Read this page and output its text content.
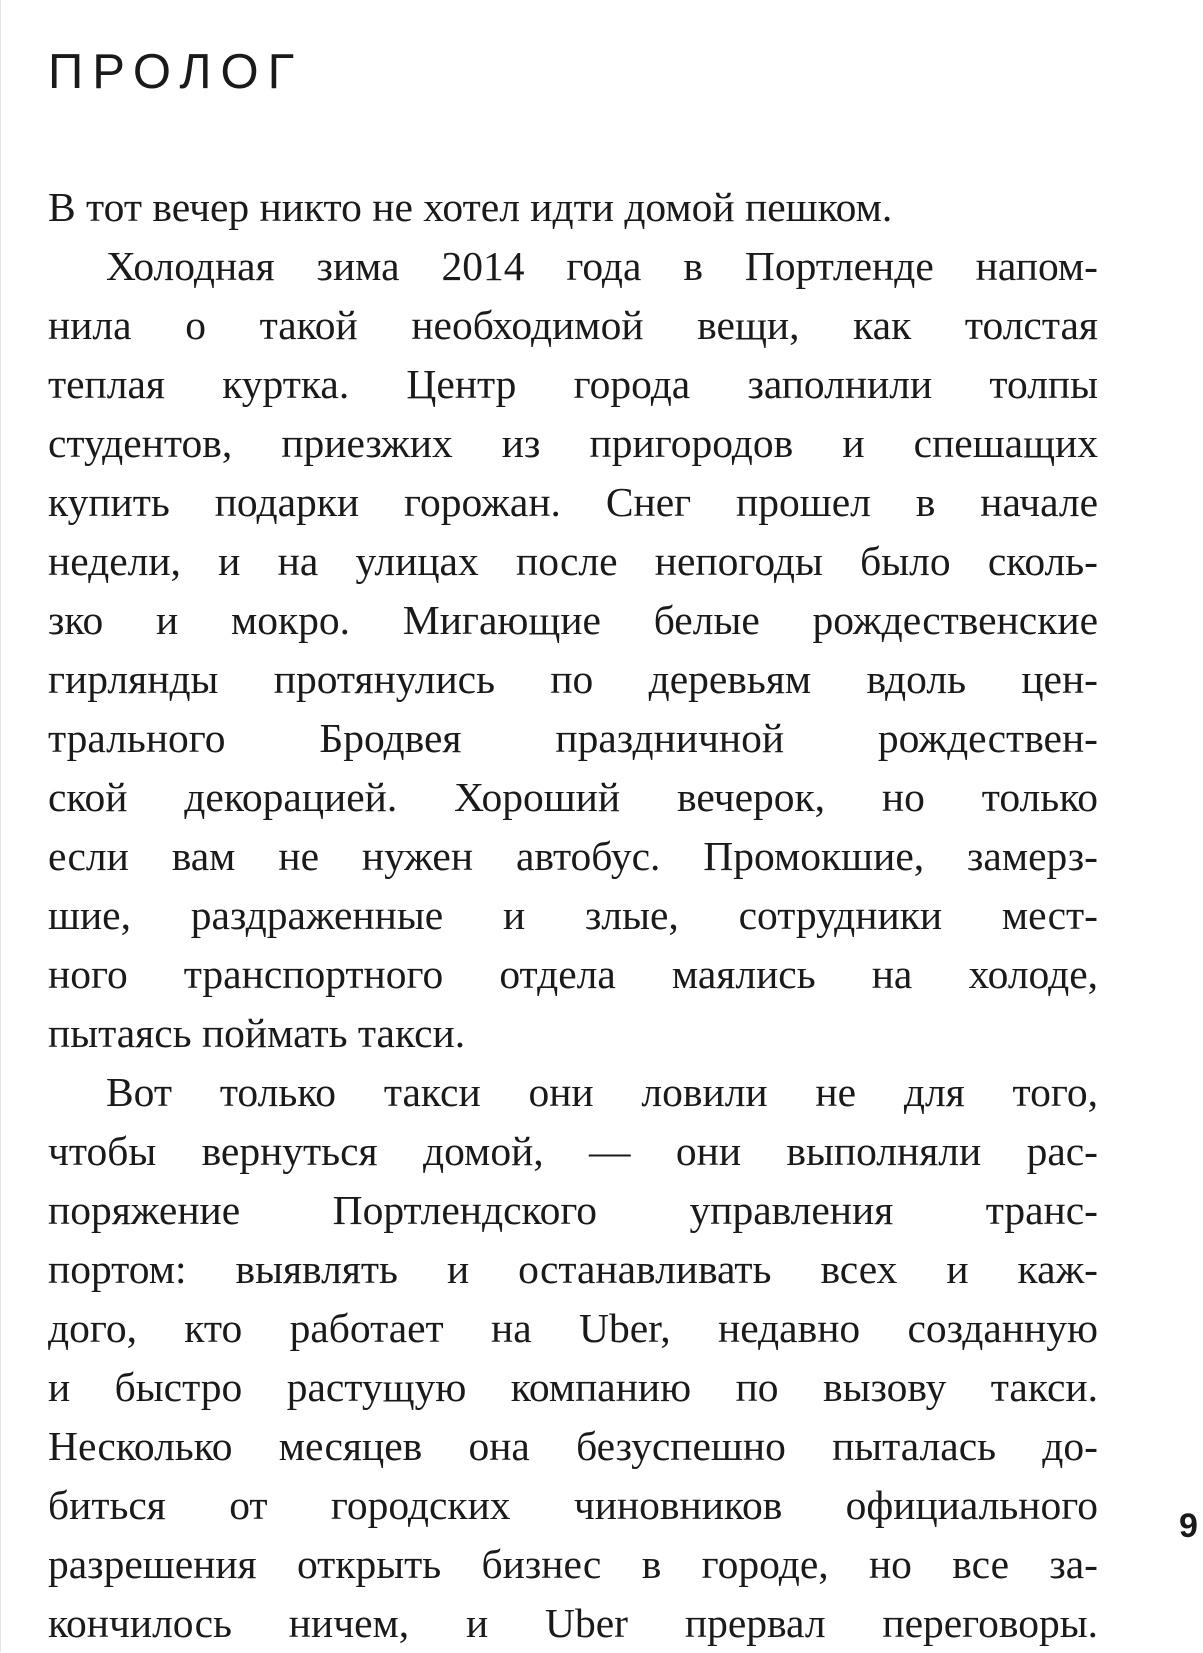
ПРОЛОГ
В тот вечер никто не хотел идти домой пешком.
Холодная зима 2014 года в Портленде напом-
нила о такой необходимой вещи, как толстая
теплая куртка. Центр города заполнили толпы
студентов, приезжих из пригородов и спешащих
купить подарки горожан. Снег прошел в начале
недели, и на улицах после непогоды было сколь-
зко и мокро. Мигающие белые рождественские
гирлянды протянулись по деревьям вдоль цен-
трального Бродвея праздничной рождествен-
ской декорацией. Хороший вечерок, но только
если вам не нужен автобус. Промокшие, замерз-
шие, раздраженные и злые, сотрудники мест-
ного транспортного отдела маялись на холоде,
пытаясь поймать такси.
Вот только такси они ловили не для того,
чтобы вернуться домой, — они выполняли рас-
поряжение Портлендского управления транс-
портом: выявлять и останавливать всех и каж-
дого, кто работает на Uber, недавно созданную
и быстро растущую компанию по вызову такси.
Несколько месяцев она безуспешно пыталась до-
биться от городских чиновников официального
разрешения открыть бизнес в городе, но все за-
кончилось ничем, и Uber прервал переговоры.
9
